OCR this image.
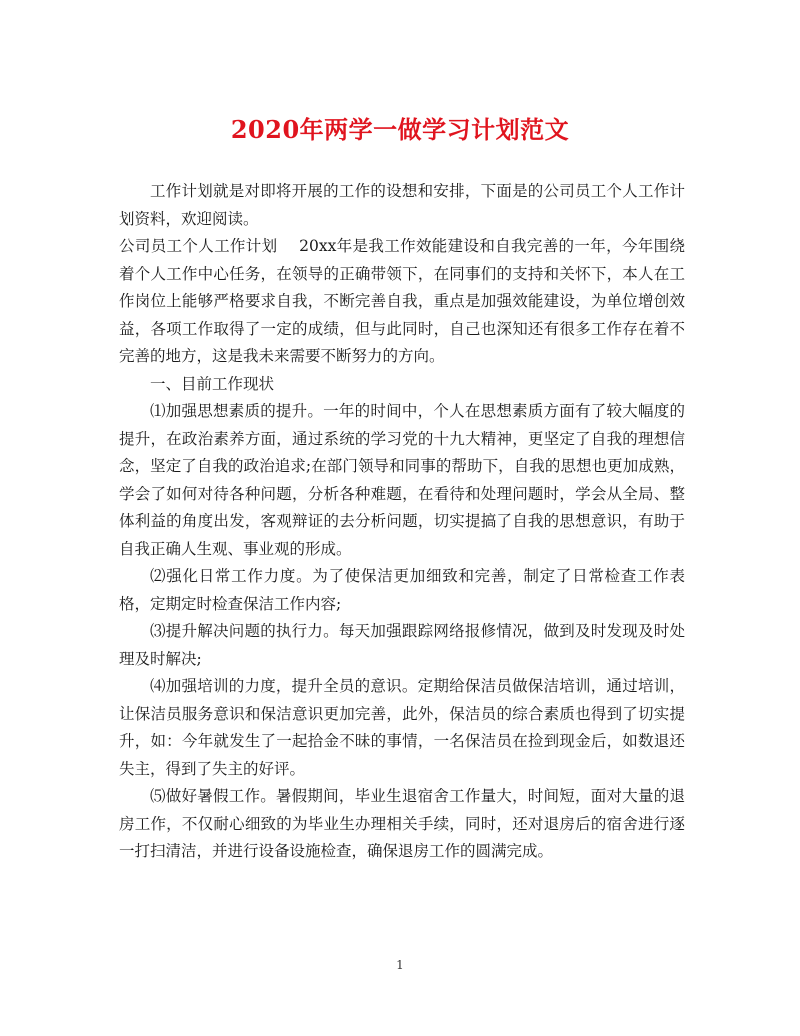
2020年两学一做学习计划范文

工作计划就是对即将开展的工作的设想和安排，下面是的公司员工个人工作计划资料，欢迎阅读。

公司员工个人工作计划 20xx年是我工作效能建设和自我完善的一年，今年围绕着个人工作中心任务，在领导的正确带领下，在同事们的支持和关怀下，本人在工作岗位上能够严格要求自我，不断完善自我，重点是加强效能建设，为单位增创效益，各项工作取得了一定的成绩，但与此同时，自己也深知还有很多工作存在着不完善的地方，这是我未来需要不断努力的方向。

一、目前工作现状

⑴加强思想素质的提升。一年的时间中，个人在思想素质方面有了较大幅度的提升，在政治素养方面，通过系统的学习党的十九大精神，更坚定了自我的理想信念，坚定了自我的政治追求;在部门领导和同事的帮助下，自我的思想也更加成熟，学会了如何对待各种问题，分析各种难题，在看待和处理问题时，学会从全局、整体利益的角度出发，客观辩证的去分析问题，切实提搞了自我的思想意识，有助于自我正确人生观、事业观的形成。

⑵强化日常工作力度。为了使保洁更加细致和完善，制定了日常检查工作表格，定期定时检查保洁工作内容;

⑶提升解决问题的执行力。每天加强跟踪网络报修情况，做到及时发现及时处理及时解决;

⑷加强培训的力度，提升全员的意识。定期给保洁员做保洁培训，通过培训，让保洁员服务意识和保洁意识更加完善，此外，保洁员的综合素质也得到了切实提升，如：今年就发生了一起拾金不昧的事情，一名保洁员在捡到现金后，如数退还失主，得到了失主的好评。

⑸做好暑假工作。暑假期间，毕业生退宿舍工作量大，时间短，面对大量的退房工作，不仅耐心细致的为毕业生办理相关手续，同时，还对退房后的宿舍进行逐一打扫清洁，并进行设备设施检查，确保退房工作的圆满完成。

1
